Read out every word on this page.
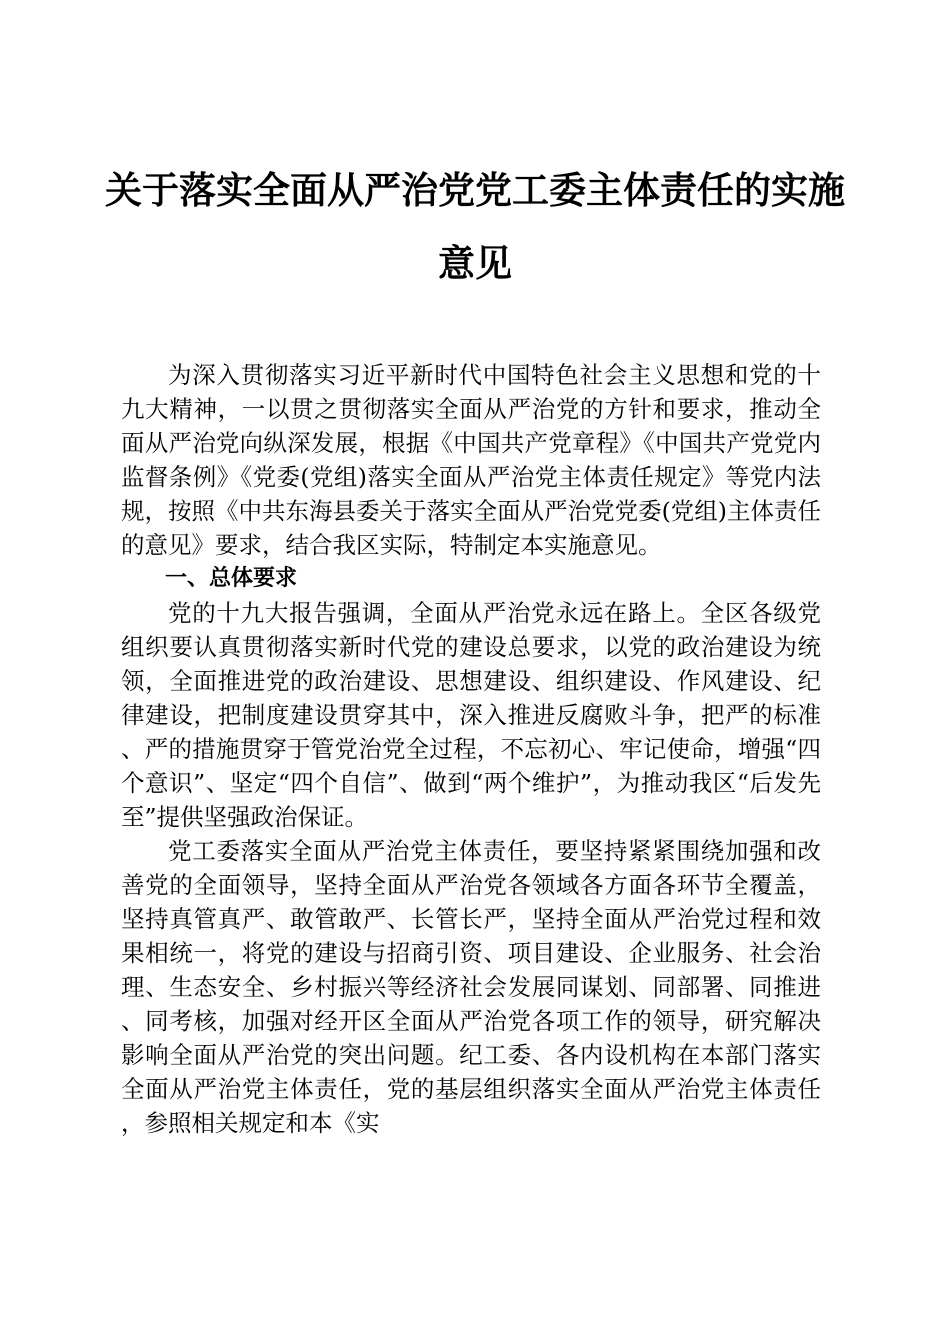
关于落实全面从严治党党工委主体责任的实施
意见

为深入贯彻落实习近平新时代中国特色社会主义思想和党的十九大精神，一以贯之贯彻落实全面从严治党的方针和要求，推动全面从严治党向纵深发展，根据《中国共产党章程》《中国共产党党内监督条例》《党委(党组)落实全面从严治党主体责任规定》等党内法规，按照《中共东海县委关于落实全面从严治党党委(党组)主体责任的意见》要求，结合我区实际，特制定本实施意见。

一、总体要求

党的十九大报告强调，全面从严治党永远在路上。全区各级党组织要认真贯彻落实新时代党的建设总要求，以党的政治建设为统领，全面推进党的政治建设、思想建设、组织建设、作风建设、纪律建设，把制度建设贯穿其中，深入推进反腐败斗争，把严的标准、严的措施贯穿于管党治党全过程，不忘初心、牢记使命，增强“四个意识”、坚定“四个自信”、做到“两个维护”，为推动我区“后发先至”提供坚强政治保证。

党工委落实全面从严治党主体责任，要坚持紧紧围绕加强和改善党的全面领导，坚持全面从严治党各领域各方面各环节全覆盖，坚持真管真严、敢管敢严、长管长严，坚持全面从严治党过程和效果相统一，将党的建设与招商引资、项目建设、企业服务、社会治理、生态安全、乡村振兴等经济社会发展同谋划、同部署、同推进、同考核，加强对经开区全面从严治党各项工作的领导，研究解决影响全面从严治党的突出问题。纪工委、各内设机构在本部门落实全面从严治党主体责任，党的基层组织落实全面从严治党主体责任，参照相关规定和本《实
